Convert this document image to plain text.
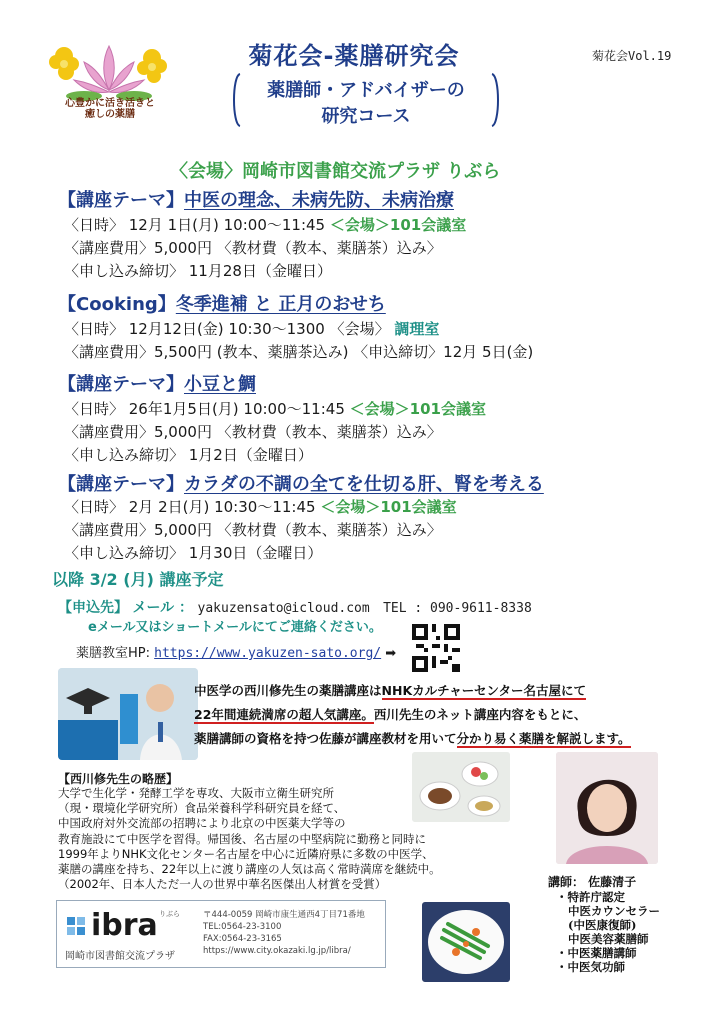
心豊かに活き活きと
癒しの薬膳
菊花会-薬膳研究会
薬膳師・アドバイザーの
研究コース
菊花会Vol.19
〈会場〉岡崎市図書館交流プラザ りぶら
【講座テーマ】中医の理念、未病先防、未病治療
〈日時〉 12月 1日(月) 10:00～11:45 ＜会場＞101会議室
〈講座費用〉5,000円 〈教材費（教本、薬膳茶）込み〉
〈申し込み締切〉 11月28日（金曜日）
【Cooking】冬季進補 と 正月のおせち
〈日時〉 12月12日(金) 10:30～1300 〈会場〉 調理室
〈講座費用〉5,500円 (教本、薬膳茶込み) 〈申込締切〉12月 5日(金)
【講座テーマ】小豆と鯛
〈日時〉 26年1月5日(月) 10:00～11:45 ＜会場＞101会議室
〈講座費用〉5,000円 〈教材費（教本、薬膳茶）込み〉
〈申し込み締切〉 1月2日（金曜日）
【講座テーマ】カラダの不調の全てを仕切る肝、腎を考える
〈日時〉 2月 2日(月) 10:30～11:45 ＜会場＞101会議室
〈講座費用〉5,000円 〈教材費（教本、薬膳茶）込み〉
〈申し込み締切〉 1月30日（金曜日）
以降 3/2 (月) 講座予定
【申込先】 メール ： yakuzensato@icloud.com TEL : 090-9611-8338
eメール又はショートメールにてご連絡ください。
薬膳教室HP: https://www.yakuzen-sato.org/ ➡
中医学の西川修先生の薬膳講座はNHKカルチャーセンター名古屋にて
22年間連続満席の超人気講座。西川先生のネット講座内容をもとに、
薬膳講師の資格を持つ佐藤が講座教材を用いて分かり易く薬膳を解説します。
【西川修先生の略歴】
大学で生化学・発酵工学を専攻、大阪市立衛生研究所
（現・環境化学研究所）食品栄養科学科研究員を経て、
中国政府対外交流部の招聘により北京の中医薬大学等の
教育施設にて中医学を習得。帰国後、名古屋の中堅病院に勤務と同時に
1999年よりNHK文化センター名古屋を中心に近隣府県に多数の中医学、
薬膳の講座を持ち、22年以上に渡り講座の人気は高く常時満席を継続中。
（2002年、日本人ただ一人の世界中華名医傑出人材賞を受賞）	講師： 佐藤清子
・特許庁認定
中医カウンセラー
(中医康復師)
中医美容薬膳師
・中医薬膳講師
・中医気功師
ibra りぶら
岡崎市図書館交流プラザ
〒444-0059 岡崎市康生通西4丁目71番地
TEL:0564-23-3100
FAX:0564-23-3165
https://www.city.okazaki.lg.jp/libra/
